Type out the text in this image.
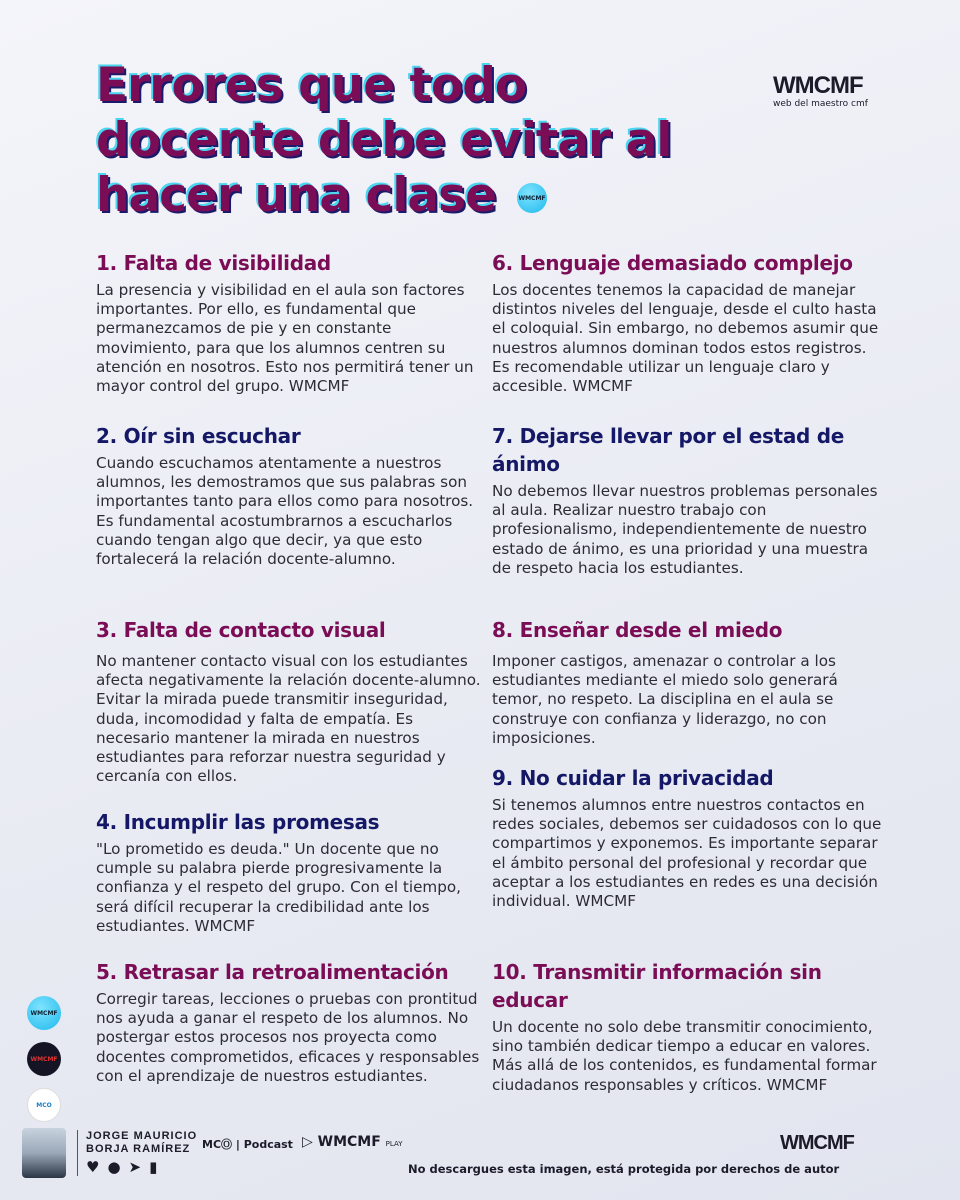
Errores que todo docente debe evitar al hacer una clase	WMCMF
WMCMF
web del maestro cmf
1. Falta de visibilidad

La presencia y visibilidad en el aula son factores importantes. Por ello, es fundamental que permanezcamos de pie y en constante movimiento, para que los alumnos centren su atención en nosotros. Esto nos permitirá tener un mayor control del grupo. WMCMF

2. Oír sin escuchar

Cuando escuchamos atentamente a nuestros alumnos, les demostramos que sus palabras son importantes tanto para ellos como para nosotros. Es fundamental acostumbrarnos a escucharlos cuando tengan algo que decir, ya que esto fortalecerá la relación docente-alumno.

3. Falta de contacto visual

No mantener contacto visual con los estudiantes afecta negativamente la relación docente-alumno. Evitar la mirada puede transmitir inseguridad, duda, incomodidad y falta de empatía. Es necesario mantener la mirada en nuestros estudiantes para reforzar nuestra seguridad y cercanía con ellos.

4. Incumplir las promesas

"Lo prometido es deuda." Un docente que no cumple su palabra pierde progresivamente la confianza y el respeto del grupo. Con el tiempo, será difícil recuperar la credibilidad ante los estudiantes. WMCMF

5. Retrasar la retroalimentación

Corregir tareas, lecciones o pruebas con prontitud nos ayuda a ganar el respeto de los alumnos. No postergar estos procesos nos proyecta como docentes comprometidos, eficaces y responsables con el aprendizaje de nuestros estudiantes.

6. Lenguaje demasiado complejo

Los docentes tenemos la capacidad de manejar distintos niveles del lenguaje, desde el culto hasta el coloquial. Sin embargo, no debemos asumir que nuestros alumnos dominan todos estos registros. Es recomendable utilizar un lenguaje claro y accesible. WMCMF

7. Dejarse llevar por el estad de ánimo

No debemos llevar nuestros problemas personales al aula. Realizar nuestro trabajo con profesionalismo, independientemente de nuestro estado de ánimo, es una prioridad y una muestra de respeto hacia los estudiantes.

8. Enseñar desde el miedo

Imponer castigos, amenazar o controlar a los estudiantes mediante el miedo solo generará temor, no respeto. La disciplina en el aula se construye con confianza y liderazgo, no con imposiciones.

9. No cuidar la privacidad

Si tenemos alumnos entre nuestros contactos en redes sociales, debemos ser cuidadosos con lo que compartimos y exponemos. Es importante separar el ámbito personal del profesional y recordar que aceptar a los estudiantes en redes es una decisión individual. WMCMF

10. Transmitir información sin educar

Un docente no solo debe transmitir conocimiento, sino también dedicar tiempo a educar en valores. Más allá de los contenidos, es fundamental formar ciudadanos responsables y críticos. WMCMF

WMCMF
WMCMF
MCO
JORGE MAURICIO
BORJA RAMÍREZ
♥ ● ➤ ▮
MCⓄ | Podcast ▷ WMCMF PLAY	WMCMF
No descargues esta imagen, está protegida por derechos de autor
